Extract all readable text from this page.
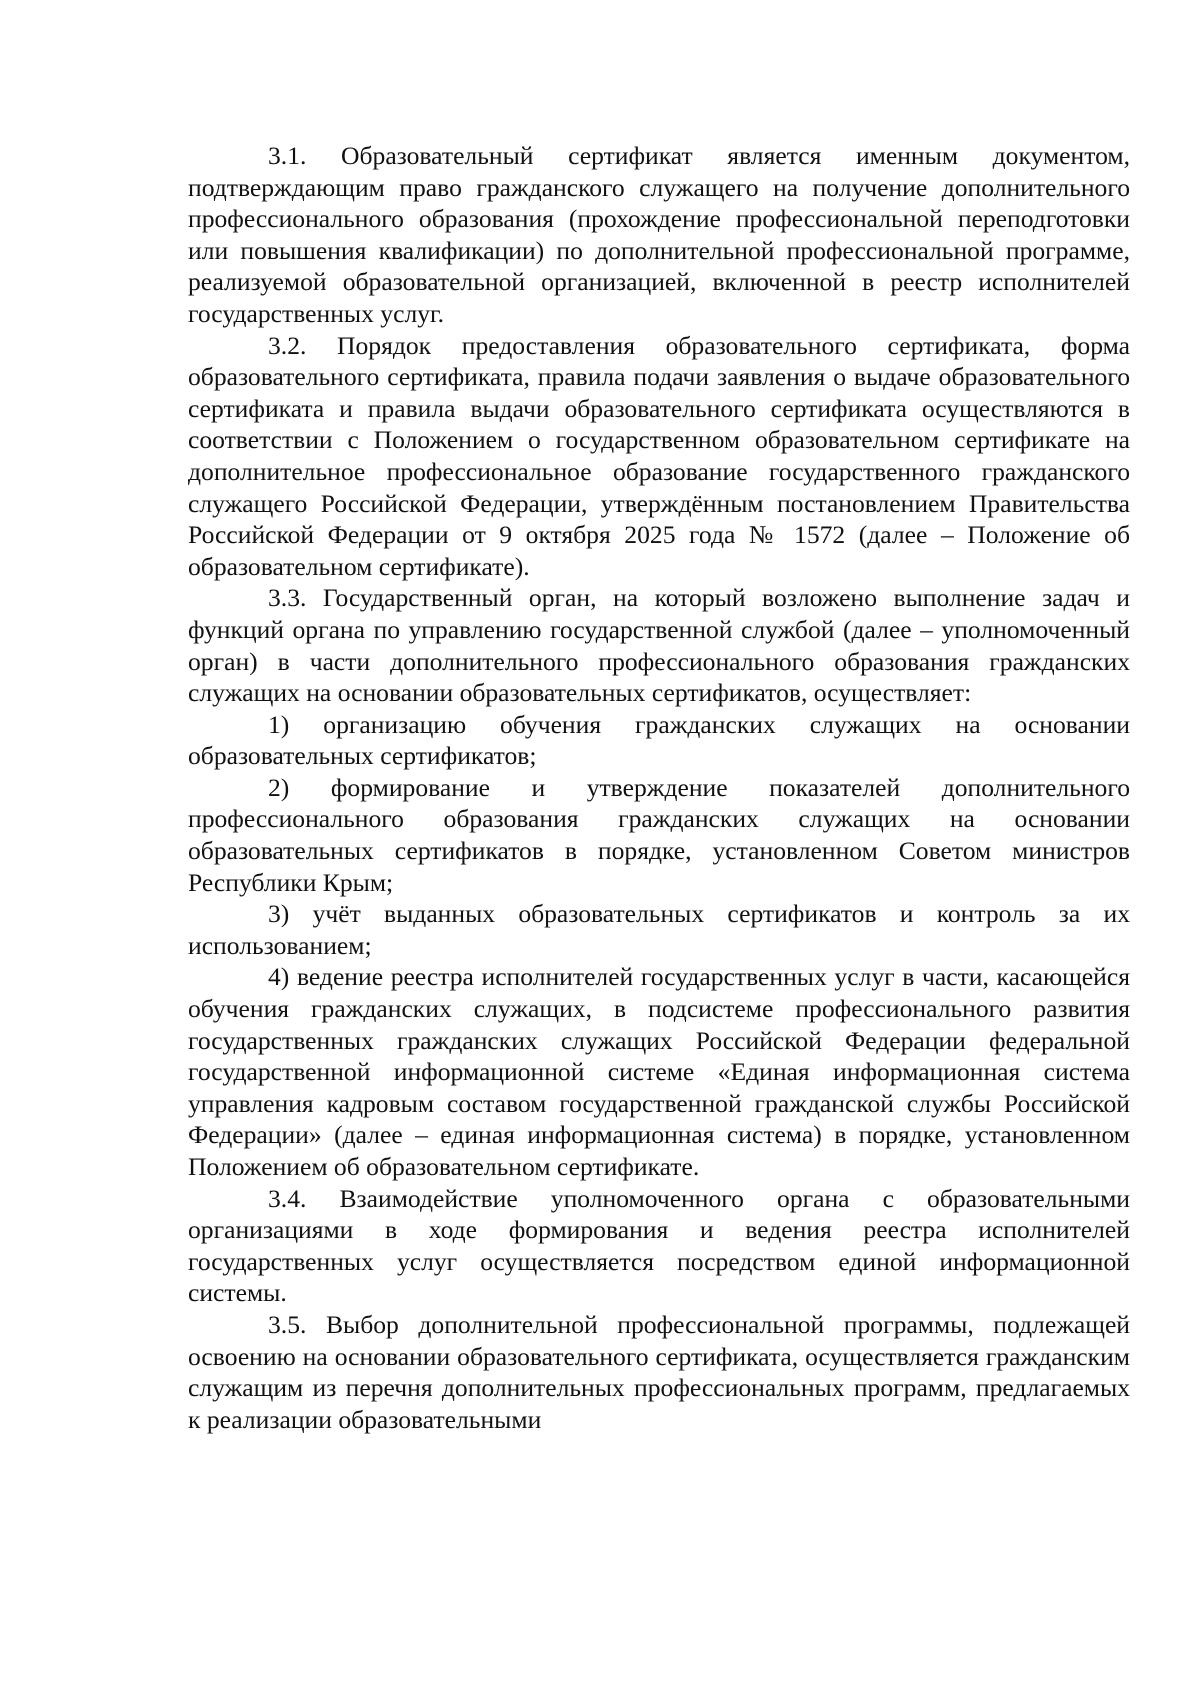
3.1. Образовательный сертификат является именным документом, подтверждающим право гражданского служащего на получение дополнительного профессионального образования (прохождение профессиональной переподготовки или повышения квалификации) по дополнительной профессиональной программе, реализуемой образовательной организацией, включенной в реестр исполнителей государственных услуг.

3.2. Порядок предоставления образовательного сертификата, форма образовательного сертификата, правила подачи заявления о выдаче образовательного сертификата и правила выдачи образовательного сертификата осуществляются в соответствии с Положением о государственном образовательном сертификате на дополнительное профессиональное образование государственного гражданского служащего Российской Федерации, утверждённым постановлением Правительства Российской Федерации от 9 октября 2025 года № 1572 (далее – Положение об образовательном сертификате).

3.3. Государственный орган, на который возложено выполнение задач и функций органа по управлению государственной службой (далее – уполномоченный орган) в части дополнительного профессионального образования гражданских служащих на основании образовательных сертификатов, осуществляет:

1) организацию обучения гражданских служащих на основании образовательных сертификатов;

2) формирование и утверждение показателей дополнительного профессионального образования гражданских служащих на основании образовательных сертификатов в порядке, установленном Советом министров Республики Крым;

3) учёт выданных образовательных сертификатов и контроль за их использованием;

4) ведение реестра исполнителей государственных услуг в части, касающейся обучения гражданских служащих, в подсистеме профессионального развития государственных гражданских служащих Российской Федерации федеральной государственной информационной системе «Единая информационная система управления кадровым составом государственной гражданской службы Российской Федерации» (далее – единая информационная система) в порядке, установленном Положением об образовательном сертификате.

3.4. Взаимодействие уполномоченного органа с образовательными организациями в ходе формирования и ведения реестра исполнителей государственных услуг осуществляется посредством единой информационной системы.

3.5. Выбор дополнительной профессиональной программы, подлежащей освоению на основании образовательного сертификата, осуществляется гражданским служащим из перечня дополнительных профессиональных программ, предлагаемых к реализации образовательными
